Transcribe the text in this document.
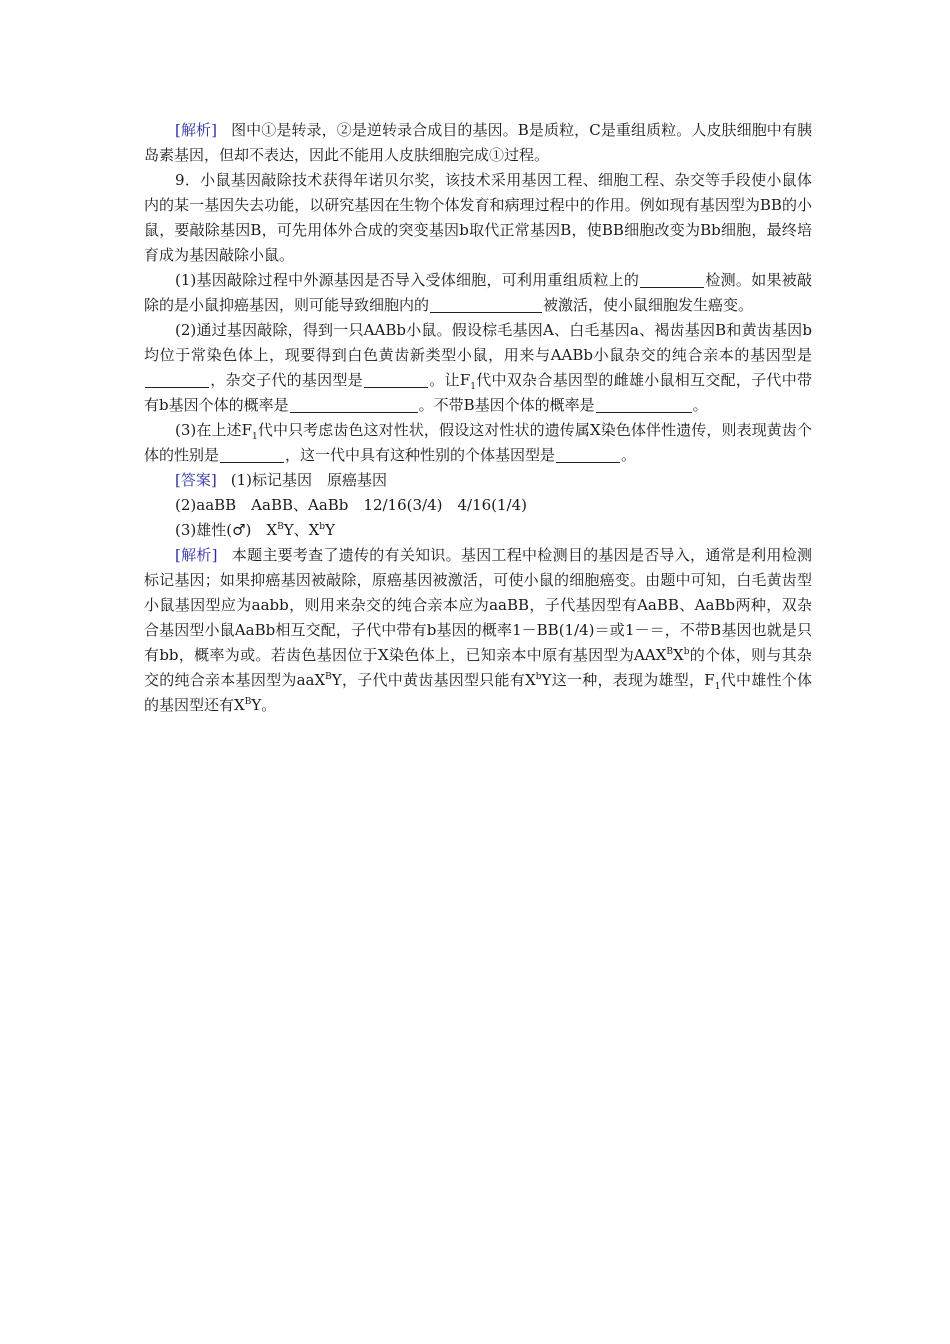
[解析] 图中①是转录，②是逆转录合成目的基因。B是质粒，C是重组质粒。人皮肤细胞中有胰岛素基因，但却不表达，因此不能用人皮肤细胞完成①过程。

9．小鼠基因敲除技术获得年诺贝尔奖，该技术采用基因工程、细胞工程、杂交等手段使小鼠体内的某一基因失去功能，以研究基因在生物个体发育和病理过程中的作用。例如现有基因型为BB的小鼠，要敲除基因B，可先用体外合成的突变基因b取代正常基因B，使BB细胞改变为Bb细胞，最终培育成为基因敲除小鼠。

(1)基因敲除过程中外源基因是否导入受体细胞，可利用重组质粒上的	检测。如果被敲除的是小鼠抑癌基因，则可能导致细胞内的	被激活，使小鼠细胞发生癌变。

(2)通过基因敲除，得到一只AABb小鼠。假设棕毛基因A、白毛基因a、褐齿基因B和黄齿基因b均位于常染色体上，现要得到白色黄齿新类型小鼠，用来与AABb小鼠杂交的纯合亲本的基因型是，杂交子代的基因型是	。让$F_1$代中双杂合基因型的雌雄小鼠相互交配，子代中带有b基因个体的概率是	。不带B基因个体的概率是	。

(3)在上述$F_1$代中只考虑齿色这对性状，假设这对性状的遗传属X染色体伴性遗传，则表现黄齿个体的性别是	，这一代中具有这种性别的个体基因型是	。

[答案] (1)标记基因　原癌基因

(2)aaBB　AaBB、AaBb　12/16(3/4)　4/16(1/4)

(3)雄性(♂)　$X^BY$、$X^bY$

[解析] 本题主要考查了遗传的有关知识。基因工程中检测目的基因是否导入，通常是利用检测标记基因；如果抑癌基因被敲除，原癌基因被激活，可使小鼠的细胞癌变。由题中可知，白毛黄齿型小鼠基因型应为aabb，则用来杂交的纯合亲本应为aaBB，子代基因型有AaBB、AaBb两种，双杂合基因型小鼠AaBb相互交配，子代中带有b基因的概率1－BB(1/4)＝或1－＝，不带B基因也就是只有bb，概率为或。若齿色基因位于X染色体上，已知亲本中原有基因型为$AAX^BX^b$的个体，则与其杂交的纯合亲本基因型为aaX$^B$Y，子代中黄齿基因型只能有$X^bY$这一种，表现为雄型，$F_1$代中雄性个体的基因型还有$X^BY$。
